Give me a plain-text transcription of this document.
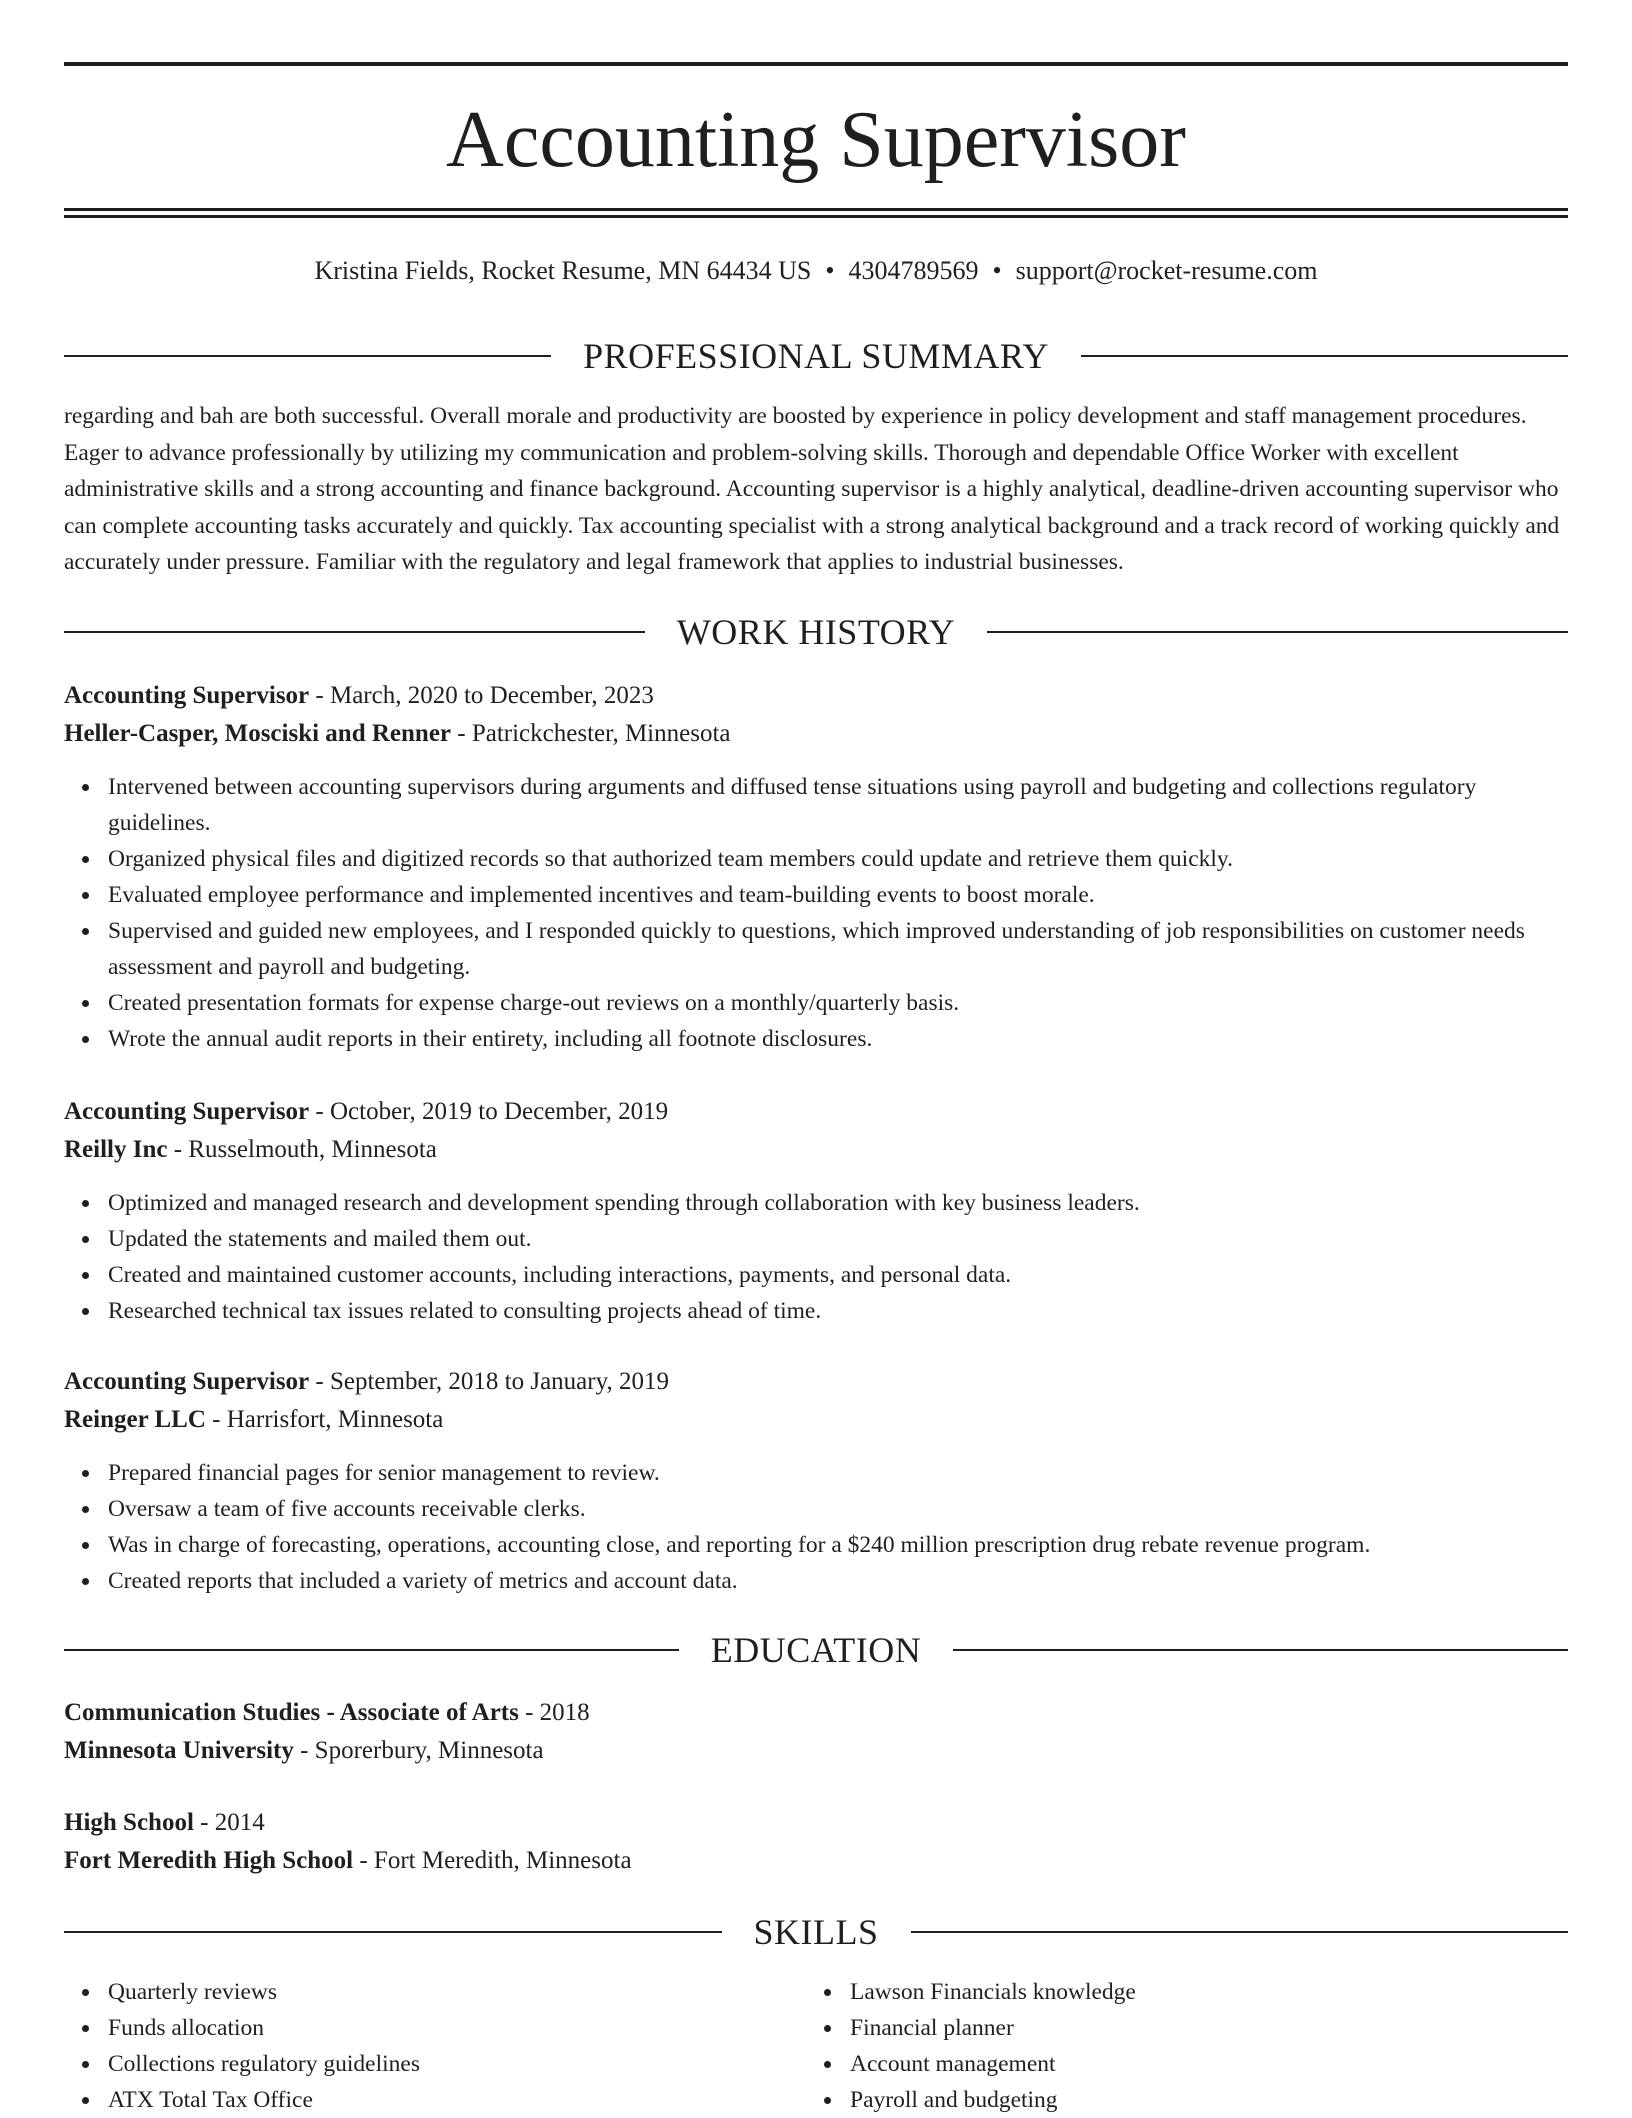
Accounting Supervisor
Kristina Fields, Rocket Resume, MN 64434 US • 4304789569 • support@rocket-resume.com
PROFESSIONAL SUMMARY

regarding and bah are both successful. Overall morale and productivity are boosted by experience in policy development and staff management procedures. Eager to advance professionally by utilizing my communication and problem-solving skills. Thorough and dependable Office Worker with excellent administrative skills and a strong accounting and finance background. Accounting supervisor is a highly analytical, deadline-driven accounting supervisor who can complete accounting tasks accurately and quickly. Tax accounting specialist with a strong analytical background and a track record of working quickly and accurately under pressure. Familiar with the regulatory and legal framework that applies to industrial businesses.

WORK HISTORY
Accounting Supervisor - March, 2020 to December, 2023
Heller-Casper, Mosciski and Renner - Patrickchester, Minnesota
Intervened between accounting supervisors during arguments and diffused tense situations using payroll and budgeting and collections regulatory guidelines.
Organized physical files and digitized records so that authorized team members could update and retrieve them quickly.
Evaluated employee performance and implemented incentives and team-building events to boost morale.
Supervised and guided new employees, and I responded quickly to questions, which improved understanding of job responsibilities on customer needs assessment and payroll and budgeting.
Created presentation formats for expense charge-out reviews on a monthly/quarterly basis.
Wrote the annual audit reports in their entirety, including all footnote disclosures.
Accounting Supervisor - October, 2019 to December, 2019
Reilly Inc - Russelmouth, Minnesota
Optimized and managed research and development spending through collaboration with key business leaders.
Updated the statements and mailed them out.
Created and maintained customer accounts, including interactions, payments, and personal data.
Researched technical tax issues related to consulting projects ahead of time.
Accounting Supervisor - September, 2018 to January, 2019
Reinger LLC - Harrisfort, Minnesota
Prepared financial pages for senior management to review.
Oversaw a team of five accounts receivable clerks.
Was in charge of forecasting, operations, accounting close, and reporting for a $240 million prescription drug rebate revenue program.
Created reports that included a variety of metrics and account data.
EDUCATION
Communication Studies - Associate of Arts - 2018
Minnesota University - Sporerbury, Minnesota
High School - 2014
Fort Meredith High School - Fort Meredith, Minnesota
SKILLS
Quarterly reviews
Funds allocation
Collections regulatory guidelines
ATX Total Tax Office
Lawson Financials knowledge
Financial planner
Account management
Payroll and budgeting
